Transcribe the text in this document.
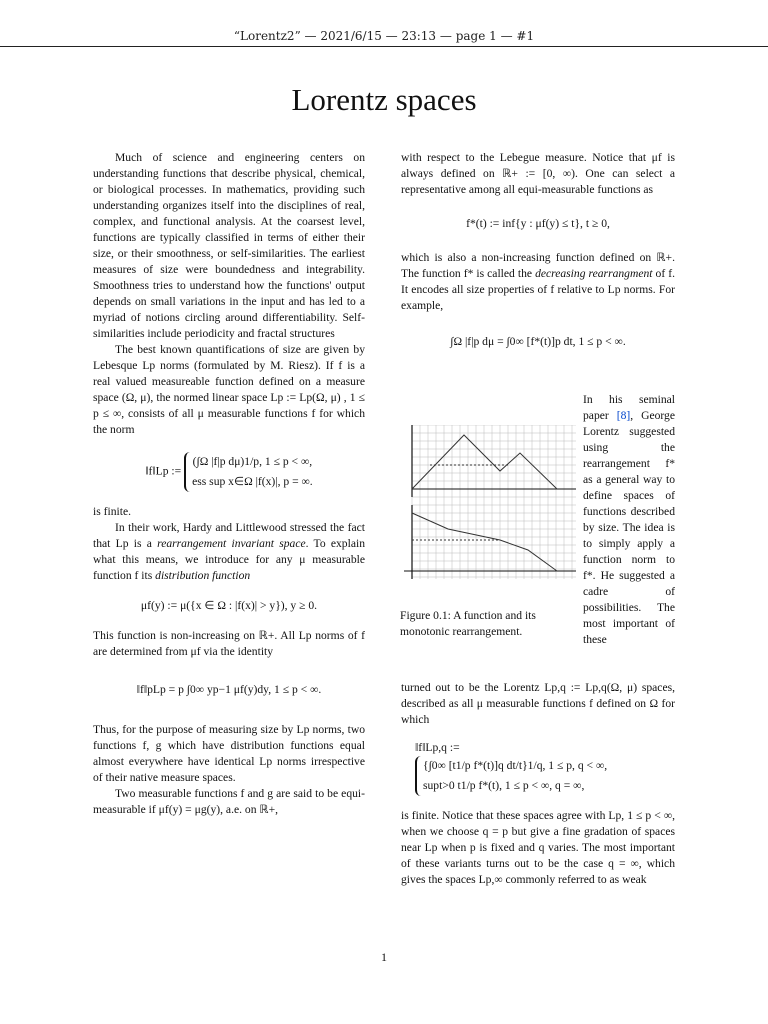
“Lorentz2” — 2021/6/15 — 23:13 — page 1 — #1
Lorentz spaces

Much of science and engineering centers on understanding functions that describe physical, chemical, or biological processes. In mathematics, providing such understanding organizes itself into the disciplines of real, complex, and functional analysis. At the coarsest level, functions are typically classified in terms of either their size, or their smoothness, or self-similarities. The earliest measures of size were boundedness and integrability. Smoothness tries to understand how the functions' output depends on small variations in the input and has led to a myriad of notions circling around differentiability. Self-similarities include periodicity and fractal structures

The best known quantifications of size are given by Lebesque Lp norms (formulated by M. Riesz). If f is a real valued measureable function defined on a measure space (Ω, μ), the normed linear space Lp := Lp(Ω, μ) , 1 ≤ p ≤ ∞, consists of all μ measurable functions f for which the norm

‖f‖Lp := (∫Ω |f|p dμ)1/p, 1 ≤ p < ∞,
ess sup x∈Ω |f(x)|, p = ∞.

is finite.

In their work, Hardy and Littlewood stressed the fact that Lp is a rearrangement invariant space. To explain what this means, we introduce for any μ measurable function f its distribution function

μf(y) := μ({x ∈ Ω : |f(x)| > y}), y ≥ 0.

This function is non-increasing on ℝ+. All Lp norms of f are determined from μf via the identity

‖f‖pLp = p ∫0∞ yp−1 μf(y)dy, 1 ≤ p < ∞.

Thus, for the purpose of measuring size by Lp norms, two functions f, g which have distribution functions equal almost everywhere have identical Lp norms irrespective of their native measure spaces.

Two measurable functions f and g are said to be equi-measurable if μf(y) = μg(y), a.e. on ℝ+,

with respect to the Lebegue measure. Notice that μf is always defined on ℝ+ := [0, ∞). One can select a representative among all equi-measurable functions as

f*(t) := inf{y : μf(y) ≤ t}, t ≥ 0,

which is also a non-increasing function defined on ℝ+. The function f* is called the decreasing rearrangment of f. It encodes all size properties of f relative to Lp norms. For example,

∫Ω |f|p dμ = ∫0∞ [f*(t)]p dt, 1 ≤ p < ∞.
Figure 0.1: A function and its monotonic rearrangement.
In his seminal paper [8], George Lorentz suggested using the rearrangement f* as a general way to define spaces of functions described by size. The idea is to simply apply a function norm to f*. He suggested a cadre of possibilities. The most important of these

turned out to be the Lorentz Lp,q := Lp,q(Ω, μ) spaces, described as all μ measurable functions f defined on Ω for which

‖f‖Lp,q :=
{∫0∞ [t1/p f*(t)]q dt/t}1/q, 1 ≤ p, q < ∞,
supt>0 t1/p f*(t), 1 ≤ p < ∞, q = ∞,

is finite. Notice that these spaces agree with Lp, 1 ≤ p < ∞, when we choose q = p but give a fine gradation of spaces near Lp when p is fixed and q varies. The most important of these variants turns out to be the case q = ∞, which gives the spaces Lp,∞ commonly referred to as weak

1
